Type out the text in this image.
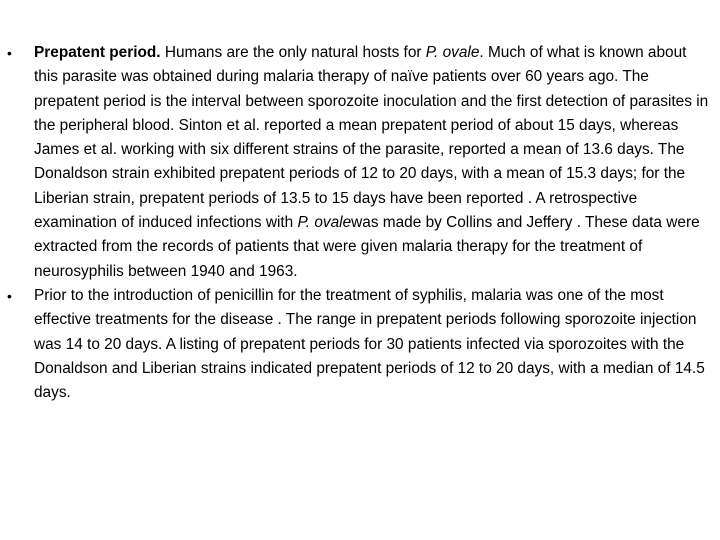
• Prepatent period. Humans are the only natural hosts for P. ovale. Much of what is known about this parasite was obtained during malaria therapy of naïve patients over 60 years ago. The prepatent period is the interval between sporozoite inoculation and the first detection of parasites in the peripheral blood. Sinton et al. reported a mean prepatent period of about 15 days, whereas James et al. working with six different strains of the parasite, reported a mean of 13.6 days. The Donaldson strain exhibited prepatent periods of 12 to 20 days, with a mean of 15.3 days; for the Liberian strain, prepatent periods of 13.5 to 15 days have been reported . A retrospective examination of induced infections with P. ovalewas made by Collins and Jeffery . These data were extracted from the records of patients that were given malaria therapy for the treatment of neurosyphilis between 1940 and 1963.
• Prior to the introduction of penicillin for the treatment of syphilis, malaria was one of the most effective treatments for the disease . The range in prepatent periods following sporozoite injection was 14 to 20 days. A listing of prepatent periods for 30 patients infected via sporozoites with the Donaldson and Liberian strains indicated prepatent periods of 12 to 20 days, with a median of 14.5 days.
